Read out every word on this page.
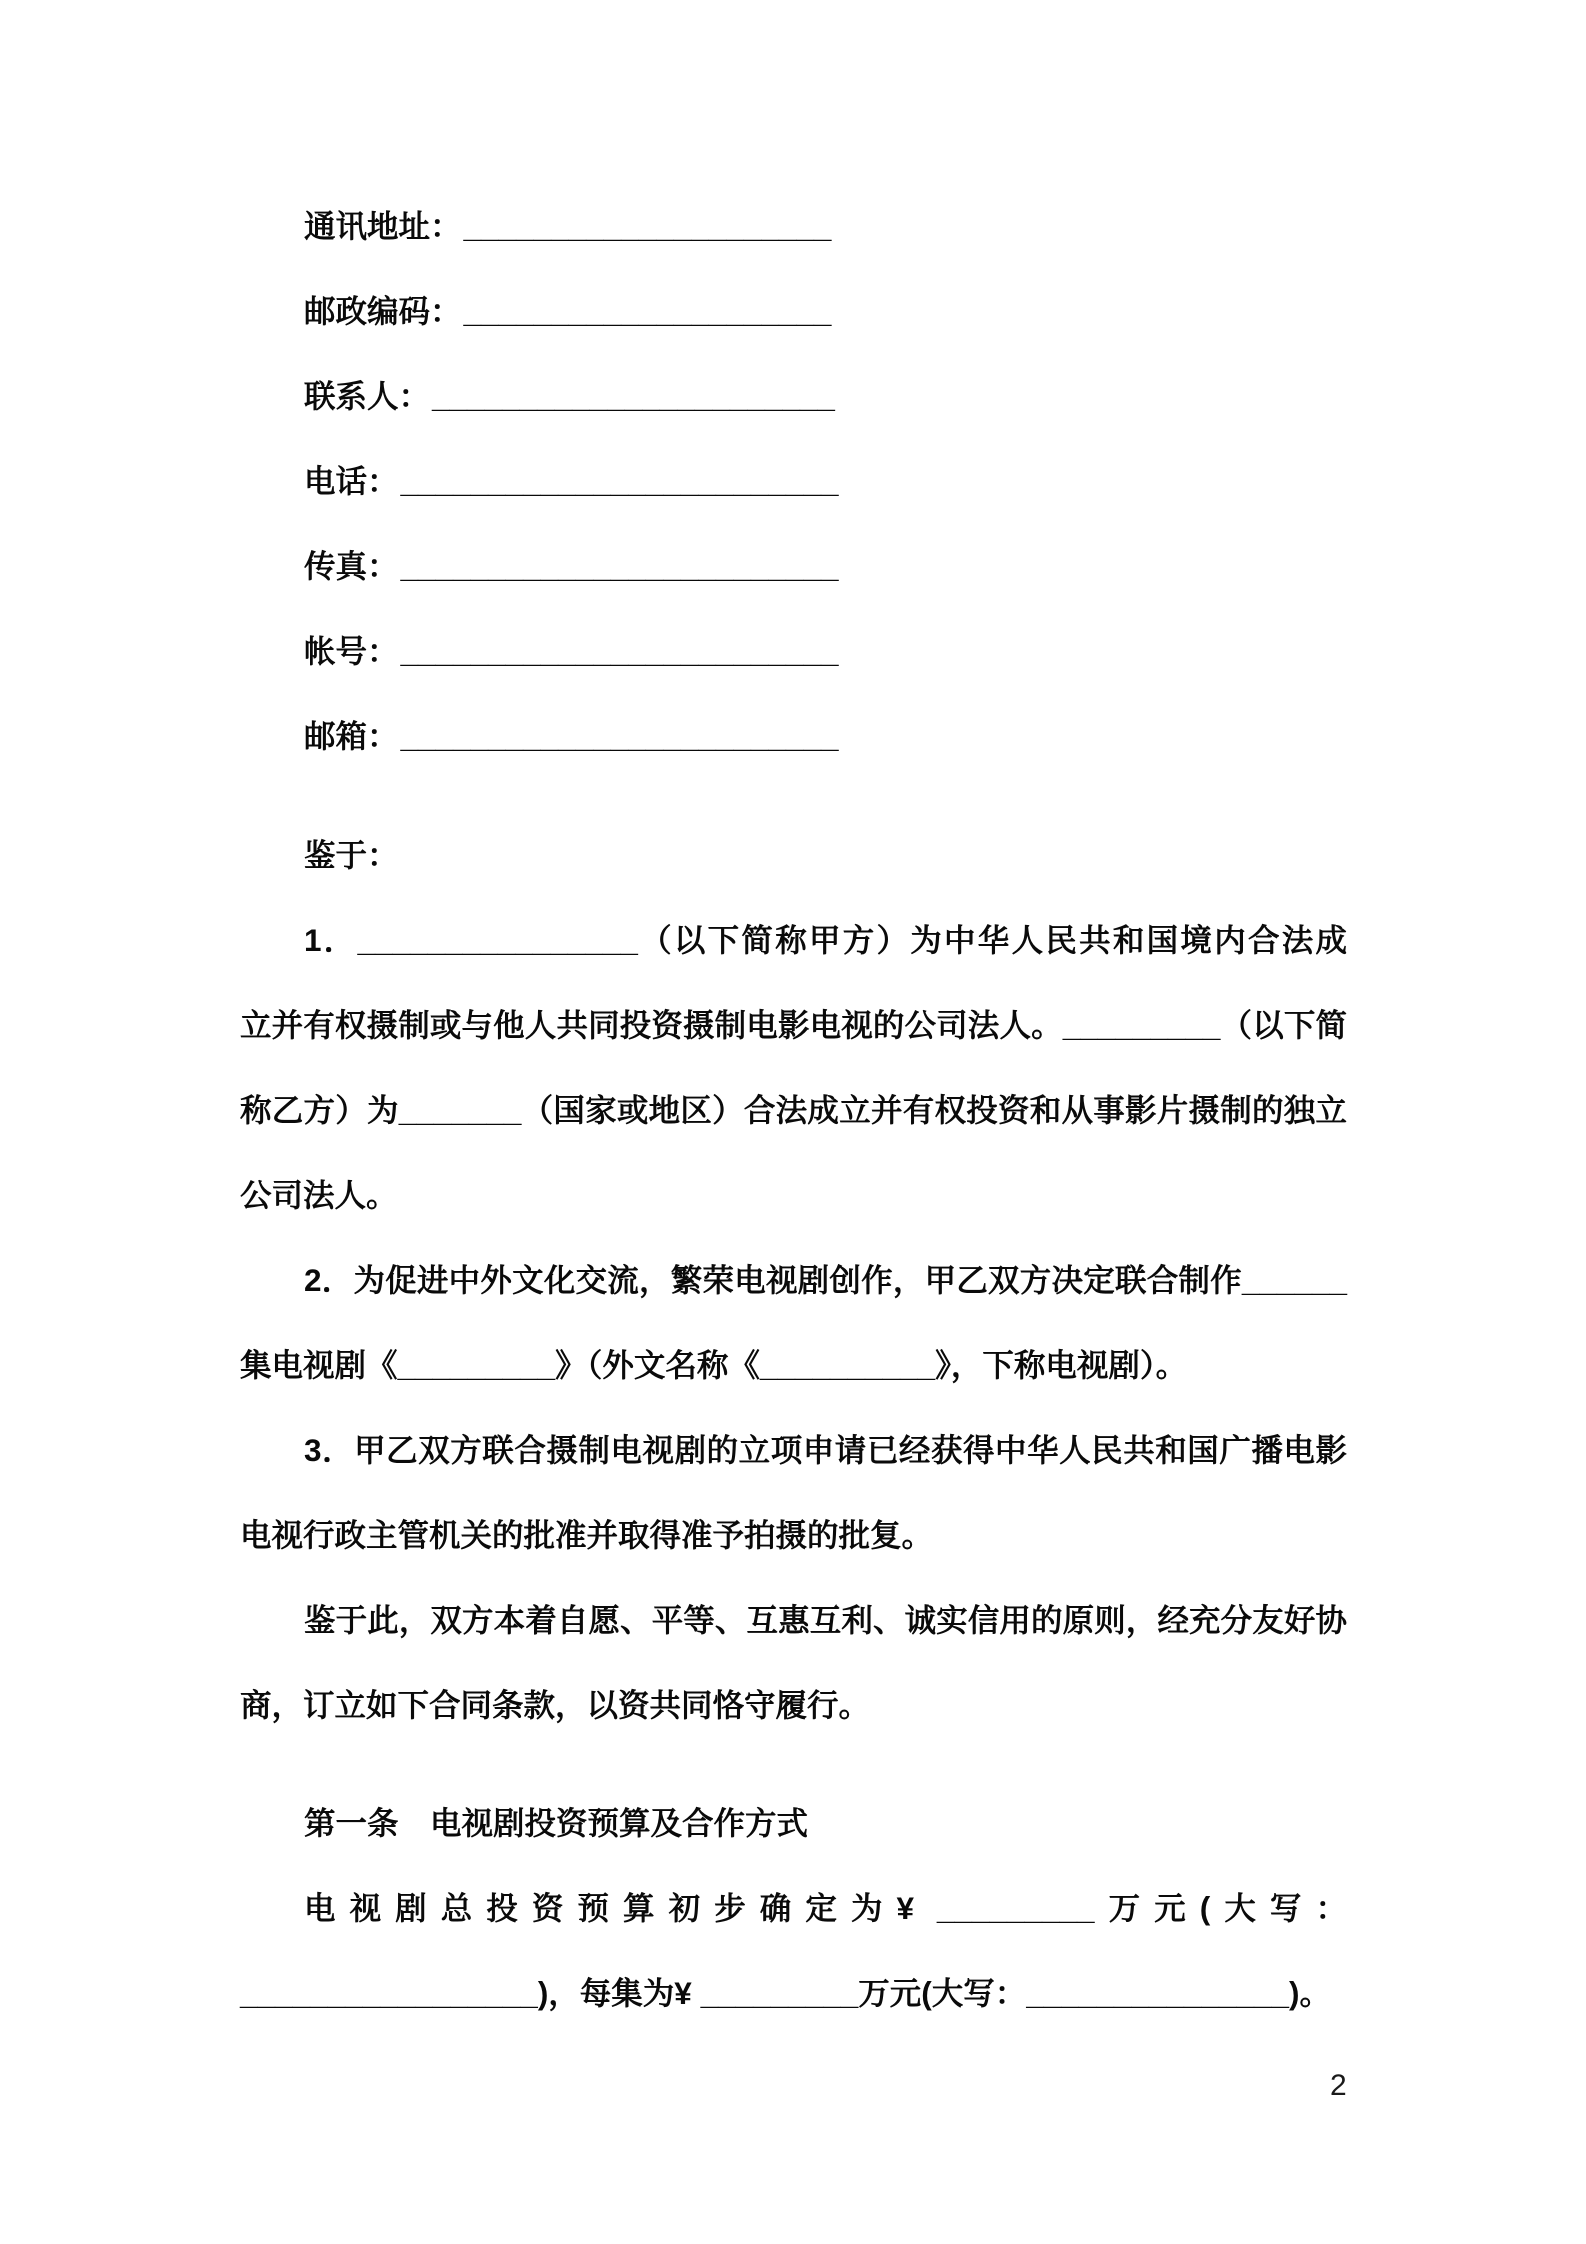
通讯地址：_____________________
邮政编码：_____________________
联系人：_______________________
电话：_________________________
传真：_________________________
帐号：_________________________
邮箱：_________________________
鉴于：
1．________________（以下简称甲方）为中华人民共和国境内合法成
立并有权摄制或与他人共同投资摄制电影电视的公司法人。_________（以下简
称乙方）为_______（国家或地区）合法成立并有权投资和从事影片摄制的独立
公司法人。
2．为促进中外文化交流，繁荣电视剧创作，甲乙双方决定联合制作______
集电视剧《_________》（外文名称《__________》，下称电视剧）。
3．甲乙双方联合摄制电视剧的立项申请已经获得中华人民共和国广播电影
电视行政主管机关的批准并取得准予拍摄的批复。
鉴于此，双方本着自愿、平等、互惠互利、诚实信用的原则，经充分友好协
商，订立如下合同条款，以资共同恪守履行。
第一条 电视剧投资预算及合作方式
电视剧总投资预算初步确定为¥ _________万元(大写：
_________________)，每集为¥ _________万元(大写：_______________)。
2
